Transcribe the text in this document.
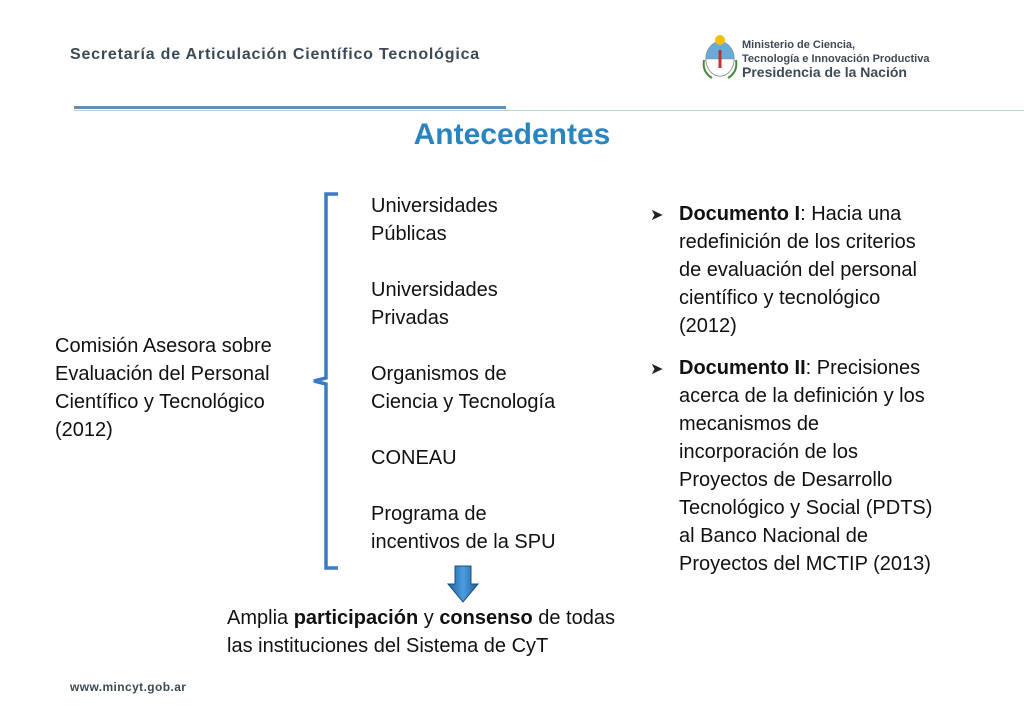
Secretaría de Articulación Científico Tecnológica
Ministerio de Ciencia,
Tecnología e Innovación Productiva
Presidencia de la Nación
Antecedentes
Comisión Asesora sobre
Evaluación del Personal
Científico y Tecnológico
(2012)
Universidades
Públicas
Universidades
Privadas
Organismos de
Ciencia y Tecnología
CONEAU
Programa de
incentivos de la SPU
➤ Documento I: Hacia una
redefinición de los criterios
de evaluación del personal
científico y tecnológico
(2012)
➤ Documento II: Precisiones
acerca de la definición y los
mecanismos de
incorporación de los
Proyectos de Desarrollo
Tecnológico y Social (PDTS)
al Banco Nacional de
Proyectos del MCTIP (2013)
Amplia participación y consenso de todas
las instituciones del Sistema de CyT
www.mincyt.gob.ar
